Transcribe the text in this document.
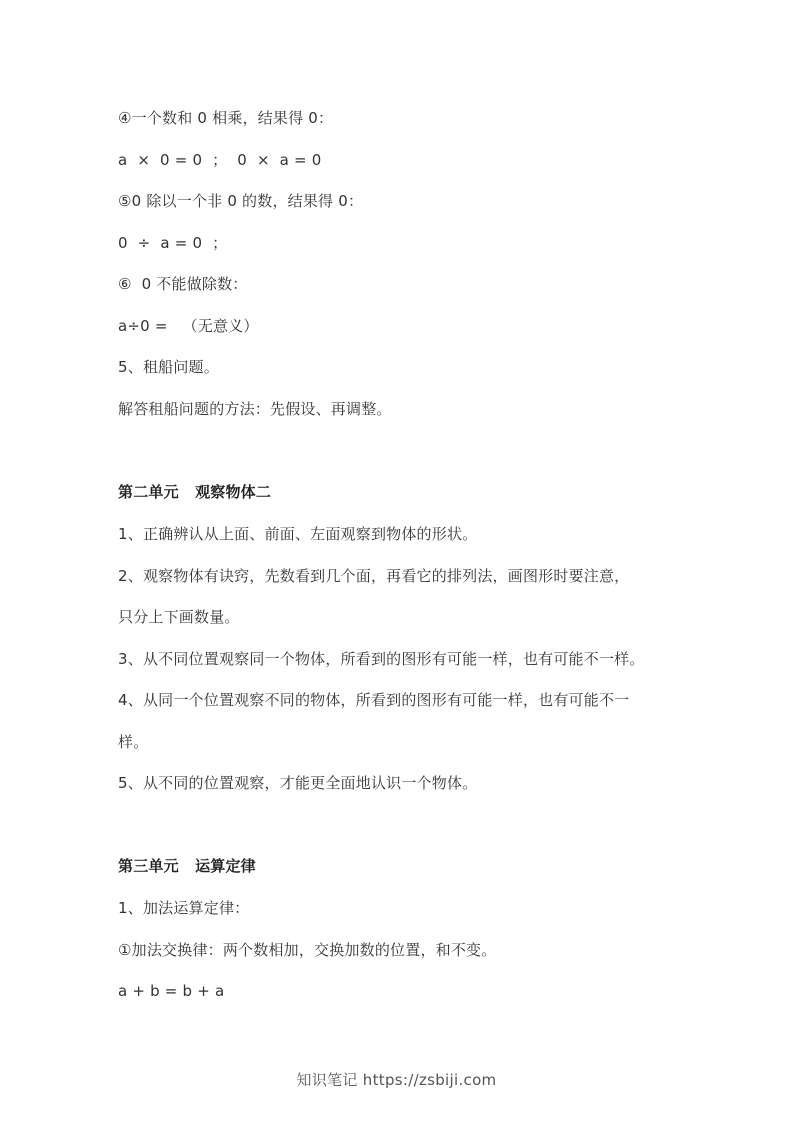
④一个数和 0 相乘，结果得 0：
a  ×  0 = 0  ；  0  ×  a = 0
⑤0 除以一个非 0 的数，结果得 0：
0  ÷  a = 0  ；
⑥  0 不能做除数：
a÷0 =   （无意义）
5、租船问题。
解答租船问题的方法：先假设、再调整。
第二单元   观察物体二
1、正确辨认从上面、前面、左面观察到物体的形状。
2、观察物体有诀窍，先数看到几个面，再看它的排列法，画图形时要注意，
只分上下画数量。
3、从不同位置观察同一个物体，所看到的图形有可能一样，也有可能不一样。
4、从同一个位置观察不同的物体，所看到的图形有可能一样，也有可能不一
样。
5、从不同的位置观察，才能更全面地认识一个物体。
第三单元   运算定律
1、加法运算定律：
①加法交换律：两个数相加，交换加数的位置，和不变。
a + b = b + a
知识笔记 https://zsbiji.com
